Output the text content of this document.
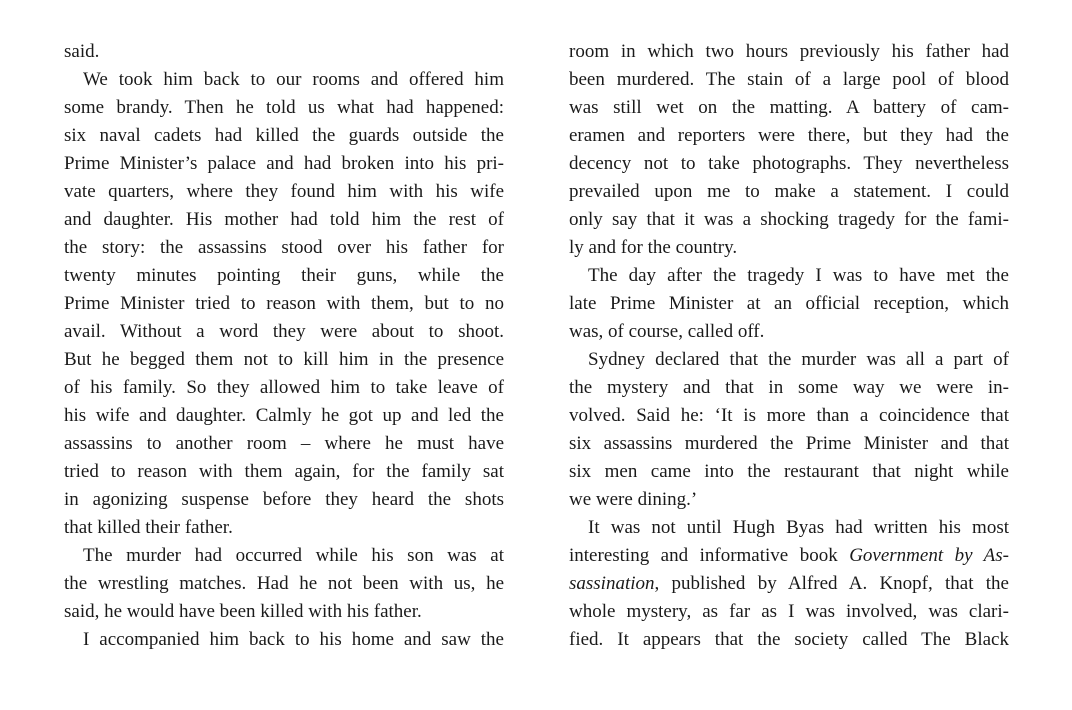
said.
We took him back to our rooms and offered him
some brandy. Then he told us what had happened:
six naval cadets had killed the guards outside the
Prime Minister’s palace and had broken into his pri-
vate quarters, where they found him with his wife
and daughter. His mother had told him the rest of
the story: the assassins stood over his father for
twenty minutes pointing their guns, while the
Prime Minister tried to reason with them, but to no
avail. Without a word they were about to shoot.
But he begged them not to kill him in the presence
of his family. So they allowed him to take leave of
his wife and daughter. Calmly he got up and led the
assassins to another room – where he must have
tried to reason with them again, for the family sat
in agonizing suspense before they heard the shots
that killed their father.
The murder had occurred while his son was at
the wrestling matches. Had he not been with us, he
said, he would have been killed with his father.
I accompanied him back to his home and saw the
room in which two hours previously his father had
been murdered. The stain of a large pool of blood
was still wet on the matting. A battery of cam-
eramen and reporters were there, but they had the
decency not to take photographs. They nevertheless
prevailed upon me to make a statement. I could
only say that it was a shocking tragedy for the fami-
ly and for the country.
The day after the tragedy I was to have met the
late Prime Minister at an official reception, which
was, of course, called off.
Sydney declared that the murder was all a part of
the mystery and that in some way we were in-
volved. Said he: ‘It is more than a coincidence that
six assassins murdered the Prime Minister and that
six men came into the restaurant that night while
we were dining.’
It was not until Hugh Byas had written his most
interesting and informative book Government by As-
sassination, published by Alfred A. Knopf, that the
whole mystery, as far as I was involved, was clari-
fied. It appears that the society called The Black
